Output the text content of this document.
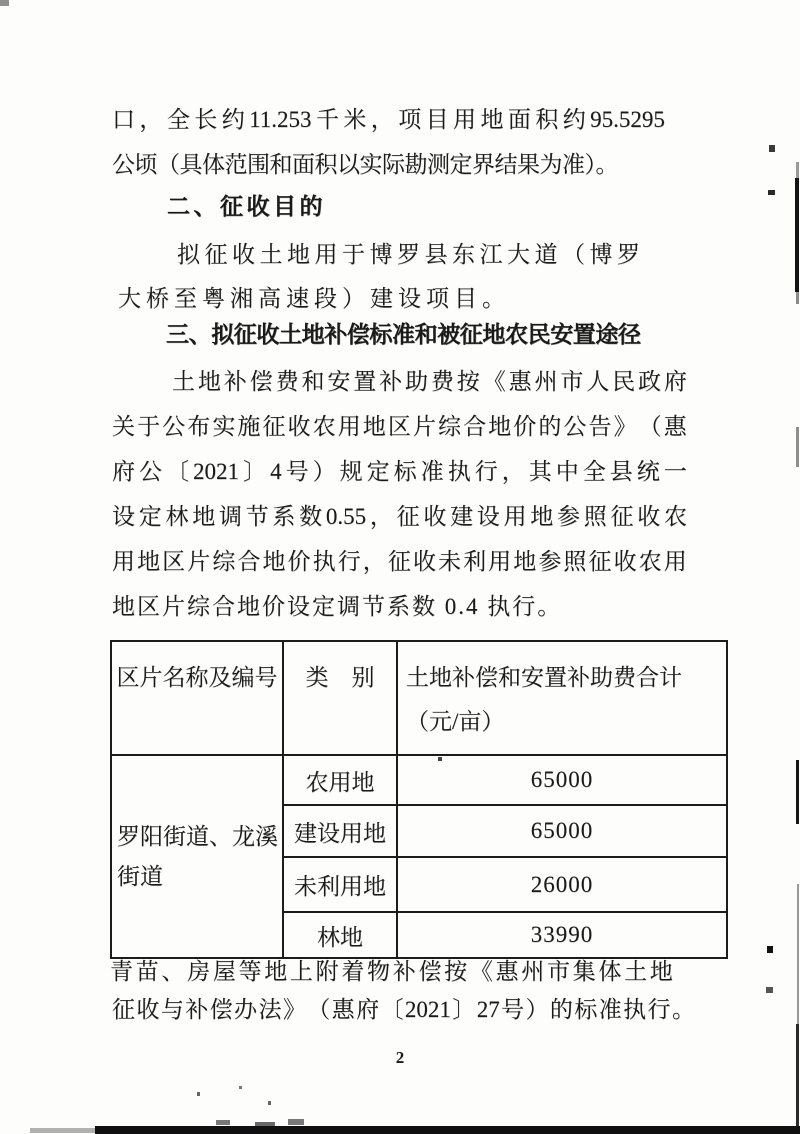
口 ， 全 长 约 11.253 千 米 ， 项 目 用 地 面 积 约 95.5295
公顷（具体范围和面积以实际勘测定界结果为准）。
二、征收目的
拟征收土地用于博罗县东江大道（博罗
大桥至粤湘高速段）建设项目。
三、拟征收土地补偿标准和被征地农民安置途径
土 地 补 偿 费 和 安 置 补 助 费 按 《 惠 州 市 人 民 政 府
关 于 公 布 实 施 征 收 农 用 地 区 片 综 合 地 价 的 公 告 》 （ 惠
府 公 〔 2021 〕 4 号 ） 规 定 标 准 执 行 ， 其 中 全 县 统 一
设 定 林 地 调 节 系 数 0.55 ， 征 收 建 设 用 地 参 照 征 收 农
用 地 区 片 综 合 地 价 执 行 ， 征 收 未 利 用 地 参 照 征 收 农 用
地区片综合地价设定调节系数 0.4 执行。
区片名称及编号	类　别	土地补偿和安置补助费合计（元/亩）
罗阳街道、龙溪街道	农用地	65000
	建设用地	65000
	未利用地	26000
	林地	33990
青 苗 、 房 屋 等 地 上 附 着 物 补 偿 按 《 惠 州 市 集 体 土 地
征 收 与 补 偿 办 法 》 （ 惠 府 〔 2021 〕 27 号 ） 的 标 准 执 行 。
2
